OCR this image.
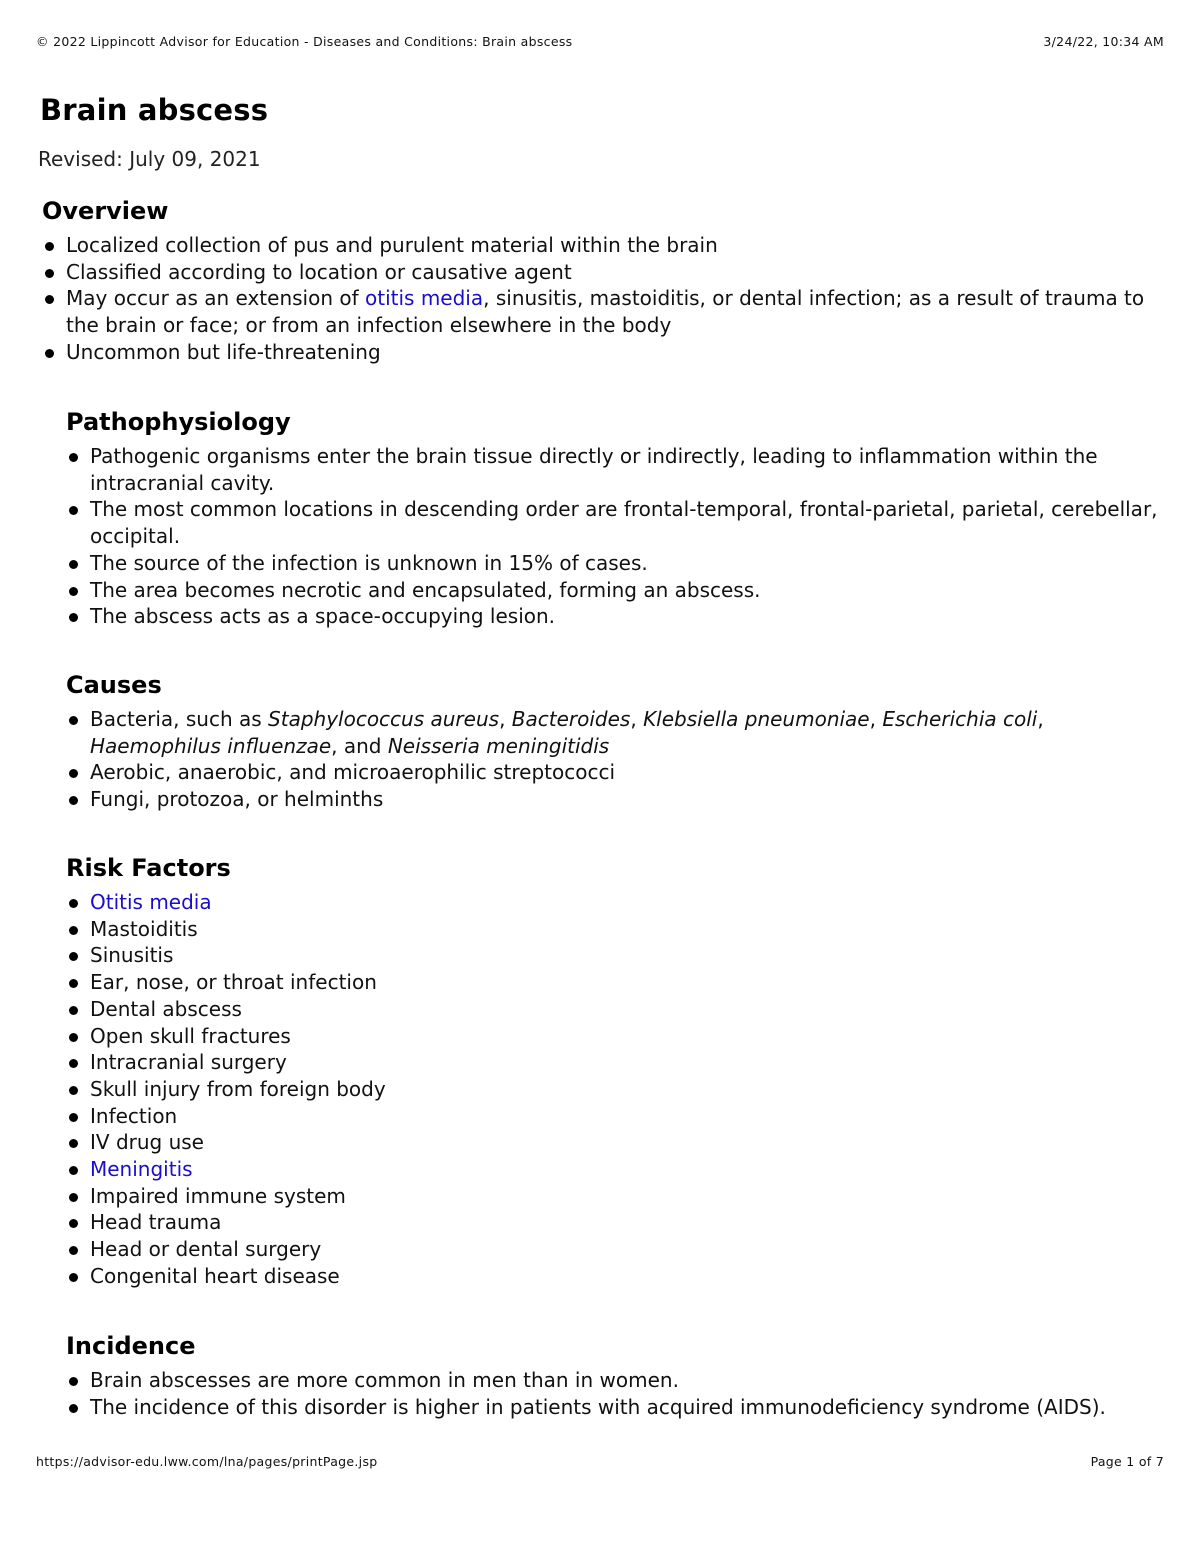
© 2022 Lippincott Advisor for Education - Diseases and Conditions: Brain abscess	3/24/22, 10:34 AM
Brain abscess

Revised: July 09, 2021

Overview
Localized collection of pus and purulent material within the brain
Classified according to location or causative agent
May occur as an extension of otitis media, sinusitis, mastoiditis, or dental infection; as a result of trauma to the brain or face; or from an infection elsewhere in the body
Uncommon but life-threatening
Pathophysiology
Pathogenic organisms enter the brain tissue directly or indirectly, leading to inflammation within the intracranial cavity.
The most common locations in descending order are frontal-temporal, frontal-parietal, parietal, cerebellar, occipital.
The source of the infection is unknown in 15% of cases.
The area becomes necrotic and encapsulated, forming an abscess.
The abscess acts as a space-occupying lesion.
Causes
Bacteria, such as Staphylococcus aureus, Bacteroides, Klebsiella pneumoniae, Escherichia coli, Haemophilus influenzae, and Neisseria meningitidis
Aerobic, anaerobic, and microaerophilic streptococci
Fungi, protozoa, or helminths
Risk Factors
Otitis media
Mastoiditis
Sinusitis
Ear, nose, or throat infection
Dental abscess
Open skull fractures
Intracranial surgery
Skull injury from foreign body
Infection
IV drug use
Meningitis
Impaired immune system
Head trauma
Head or dental surgery
Congenital heart disease
Incidence
Brain abscesses are more common in men than in women.
The incidence of this disorder is higher in patients with acquired immunodeficiency syndrome (AIDS).
https://advisor-edu.lww.com/lna/pages/printPage.jsp	Page 1 of 7
